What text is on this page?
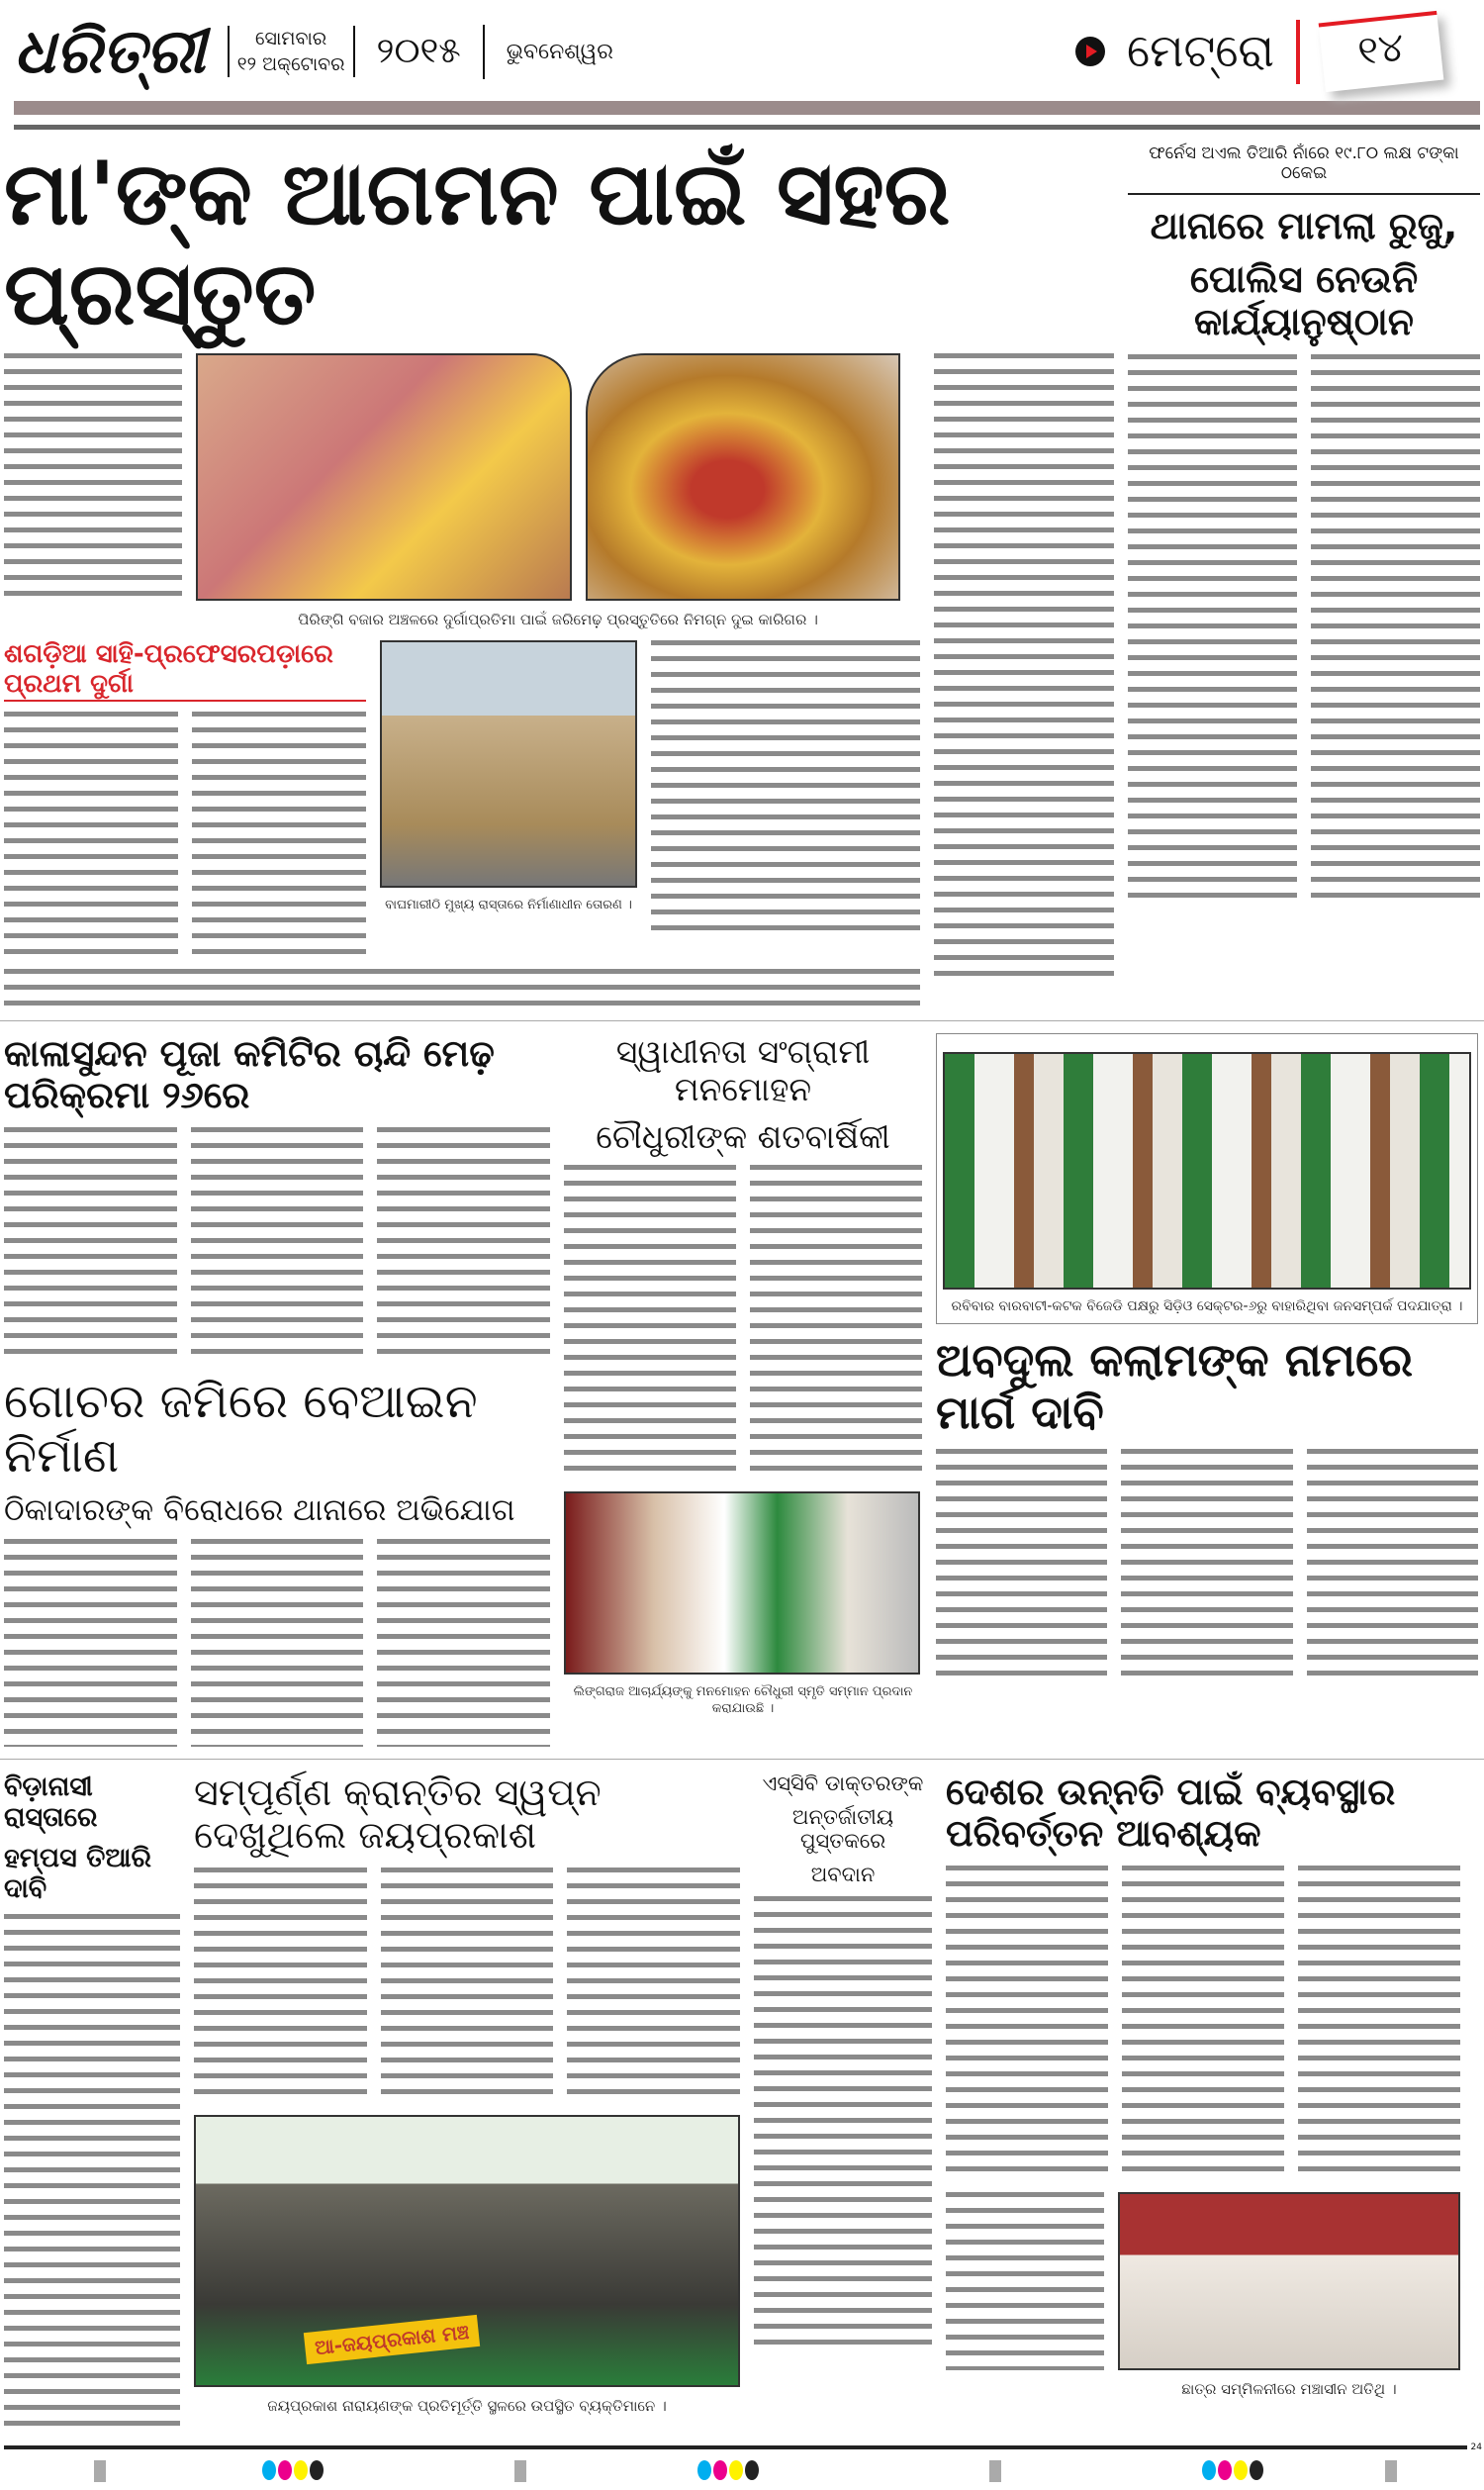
ଧରିତ୍ରୀ	ସୋମବାର
୧୨ ଅକ୍ଟୋବର ୨୦୧୫ ଭୁବନେଶ୍ୱର	ମେଟ୍ରୋ	୧୪
ମା'ଙ୍କ ଆଗମନ ପାଇଁ ସହର ପ୍ରସ୍ତୁତ
ପିରିଙ୍ଗି ବଜାର ଅଞ୍ଚଳରେ ଦୁର୍ଗାପ୍ରତିମା ପାଇଁ ଜରିମେଢ଼ ପ୍ରସ୍ତୁତିରେ ନିମଗ୍ନ ଦୁଇ କାରିଗର ।
ଶଗଡ଼ିଆ ସାହି-ପ୍ରଫେସରପଡ଼ାରେ ପ୍ରଥମ ଦୁର୍ଗା
ବାଘମାରୀଠି ମୁଖ୍ୟ ରାସ୍ତାରେ ନିର୍ମାଣାଧୀନ ତୋରଣ ।
ଫର୍ନେସ ଅଏଲ ତିଆରି ନାଁରେ ୧୯.୮୦ ଲକ୍ଷ ଟଙ୍କା ଠକେଇ
ଥାନାରେ ମାମଲା ରୁଜୁ,
ପୋଲିସ ନେଉନି କାର୍ଯ୍ୟାନୁଷ୍ଠାନ
କାଳାସୁନ୍ଦନ ପୂଜା କମିଟିର ଚାନ୍ଦି ମେଢ଼ ପରିକ୍ରମା ୨୬ରେ
ଗୋଚର ଜମିରେ ବେଆଇନ ନିର୍ମାଣ
ଠିକାଦାରଙ୍କ ବିରୋଧରେ ଥାନାରେ ଅଭିଯୋଗ
ସ୍ୱାଧୀନତା ସଂଗ୍ରାମୀ ମନମୋହନ
ଚୌଧୁରୀଙ୍କ ଶତବାର୍ଷିକୀ
ଲିଙ୍ଗରାଜ ଆଚାର୍ଯ୍ୟଙ୍କୁ ମନମୋହନ ଚୌଧୁରୀ ସ୍ମୃତି ସମ୍ମାନ ପ୍ରଦାନ କରାଯାଉଛି ।
ରବିବାର ବାରବାଟୀ-କଟକ ବିଜେଡି ପକ୍ଷରୁ ସିଡ଼ିଓ ସେକ୍ଟର-୬ରୁ ବାହାରିଥିବା ଜନସମ୍ପର୍କ ପଦଯାତ୍ରା ।
ଅବଦୁଲ କଲାମଙ୍କ ନାମରେ ମାର୍ଗ ଦାବି
ବିଡ଼ାନାସୀ ରାସ୍ତାରେ
ହମ୍ପସ ତିଆରି ଦାବି
ସମ୍ପୂର୍ଣ୍ଣ କ୍ରାନ୍ତିର ସ୍ୱପ୍ନ ଦେଖୁଥିଲେ ଜୟପ୍ରକାଶ
ଆ-ଜୟପ୍ରକାଶ ମଞ୍ଚ
ଜୟପ୍ରକାଶ ନାରାୟଣଙ୍କ ପ୍ରତିମୂର୍ତ୍ତି ସ୍ଥଳରେ ଉପସ୍ଥିତ ବ୍ୟକ୍ତିମାନେ ।
ଏସ୍‌ସିବି ଡାକ୍ତରଙ୍କ
ଅନ୍ତର୍ଜାତୀୟ ପୁସ୍ତକରେ
ଅବଦାନ
ଦେଶର ଉନ୍ନତି ପାଇଁ ବ୍ୟବସ୍ଥାର ପରିବର୍ତ୍ତନ ଆବଶ୍ୟକ
ଛାତ୍ର ସମ୍ମିଳନୀରେ ମଞ୍ଚାସୀନ ଅତିଥି ।
24
